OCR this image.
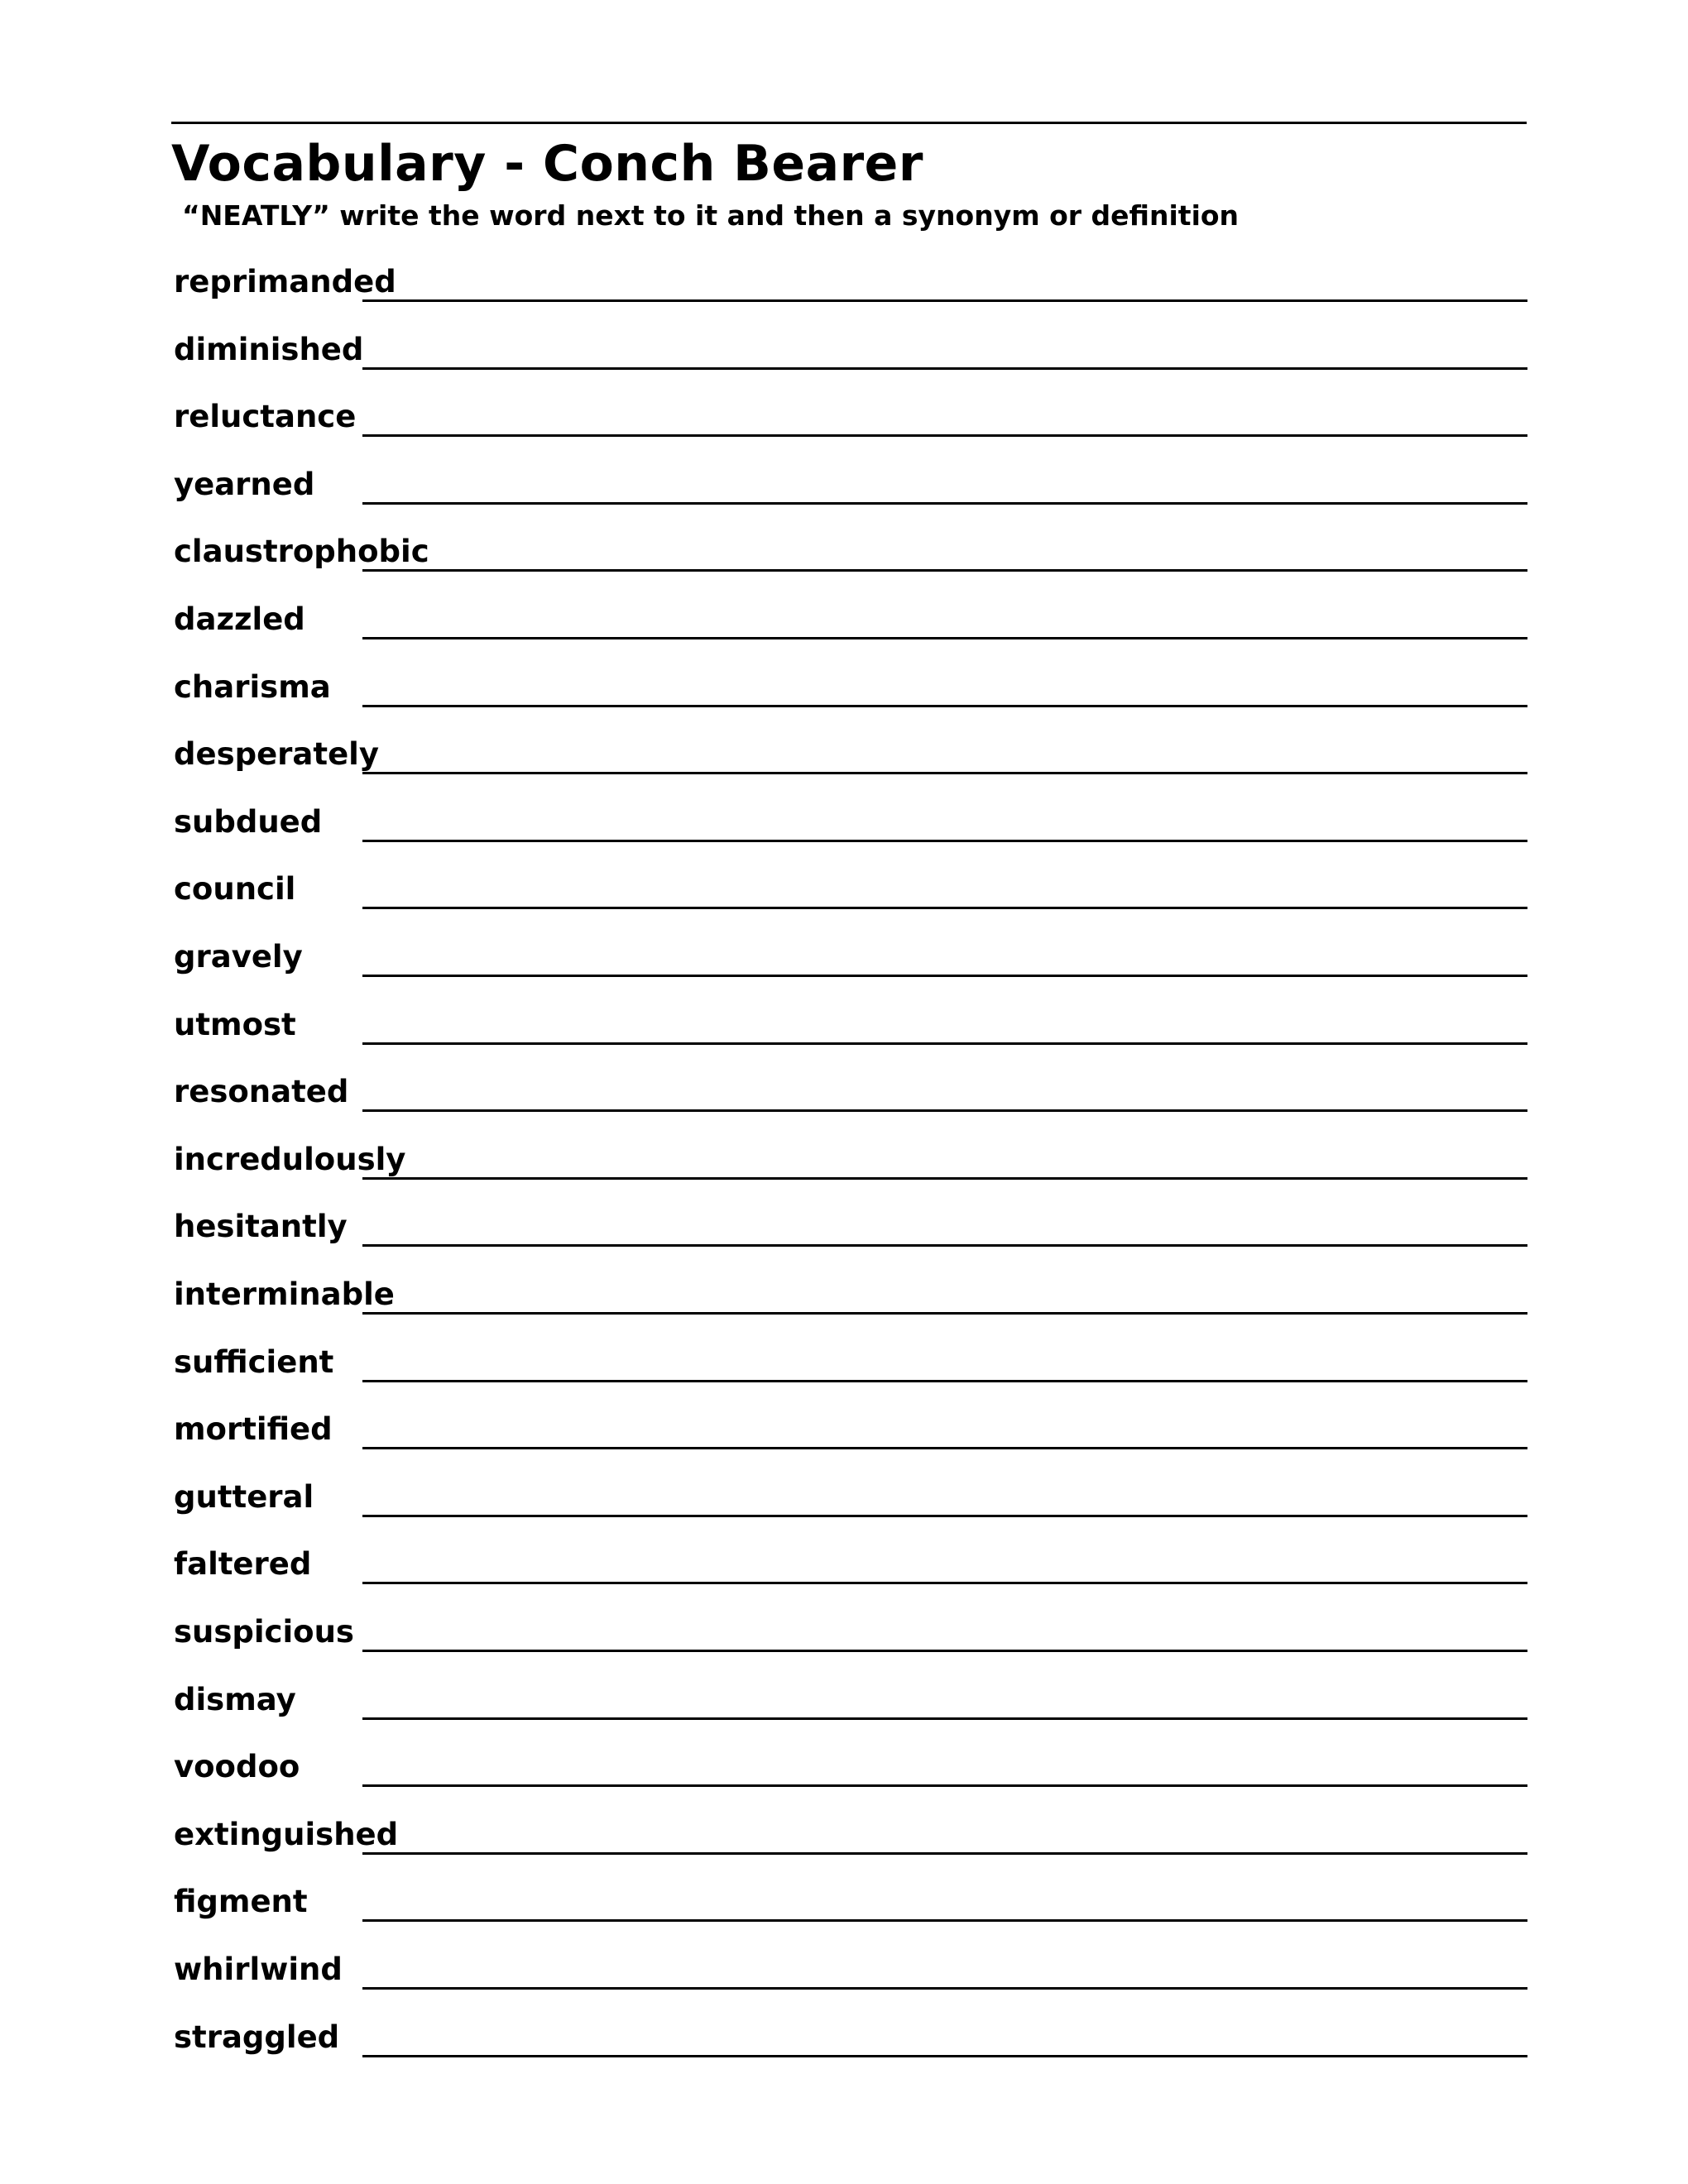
Vocabulary - Conch Bearer
“NEATLY” write the word next to it and then a synonym or definition
reprimanded
diminished
reluctance
yearned
claustrophobic
dazzled
charisma
desperately
subdued
council
gravely
utmost
resonated
incredulously
hesitantly
interminable
sufficient
mortified
gutteral
faltered
suspicious
dismay
voodoo
extinguished
figment
whirlwind
straggled
